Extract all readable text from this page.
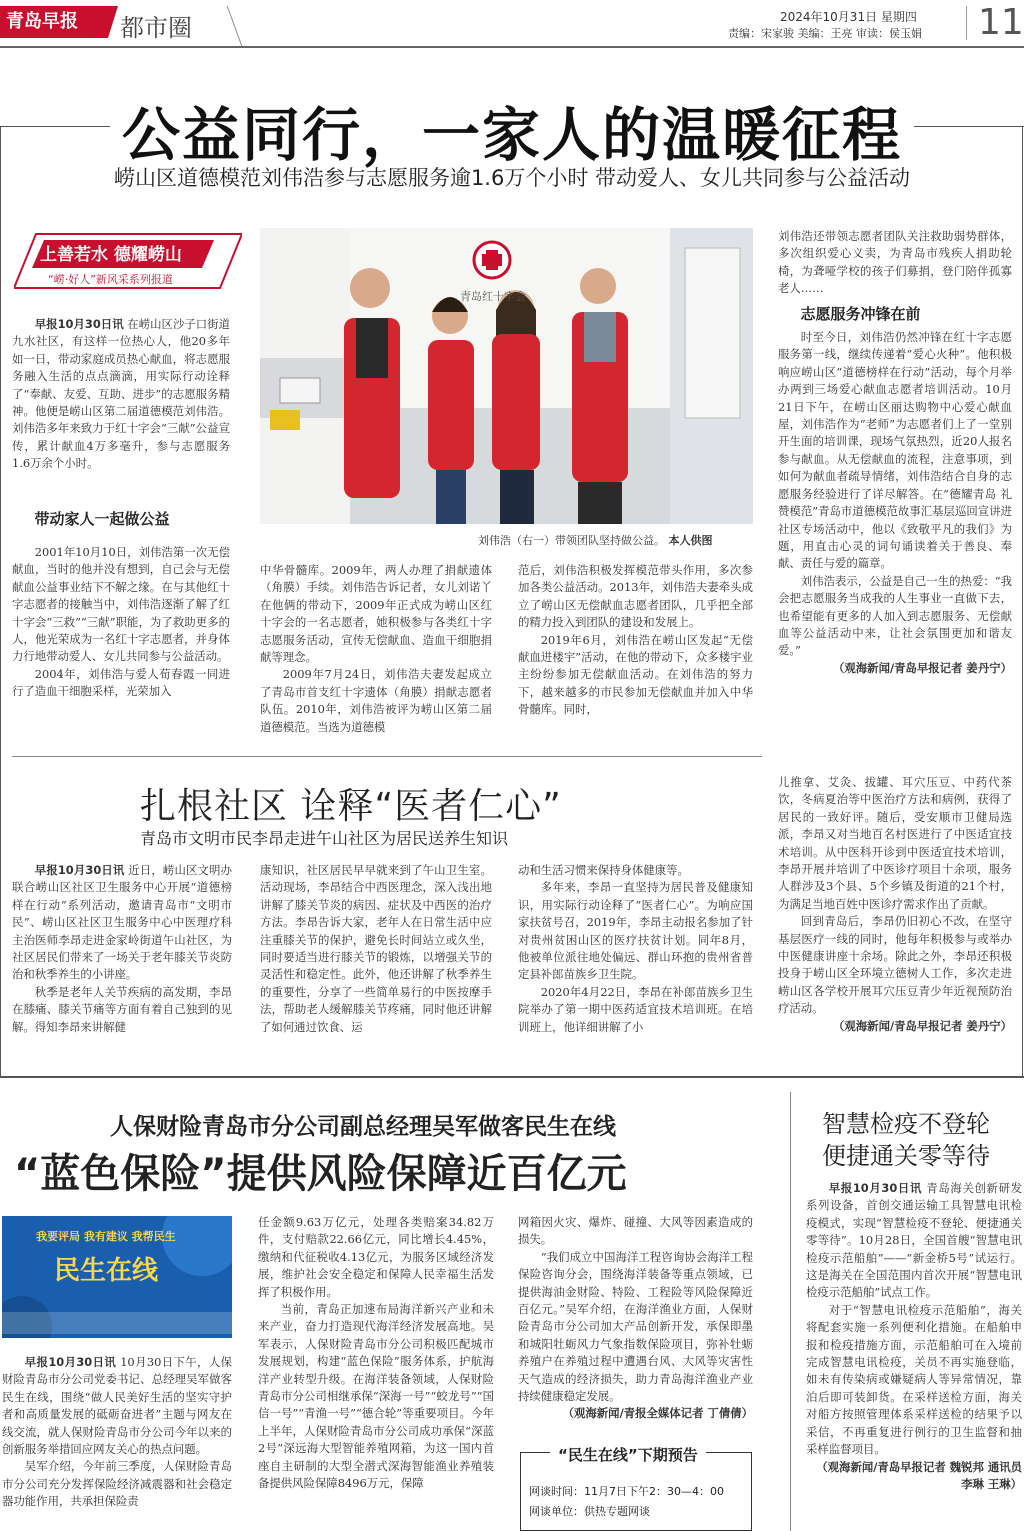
青岛早报	都市圈	2024年10月31日 星期四
责编：宋家骏 美编：王亮 审读：侯玉娟 11
公益同行，一家人的温暖征程
崂山区道德模范刘伟浩参与志愿服务逾1.6万个小时 带动爱人、女儿共同参与公益活动
上善若水 德耀崂山
“崂·好人”新风采系列报道

早报10月30日讯 在崂山区沙子口街道九水社区，有这样一位热心人，他20多年如一日，带动家庭成员热心献血，将志愿服务融入生活的点点滴滴，用实际行动诠释了“奉献、友爱、互助、进步”的志愿服务精神。他便是崂山区第二届道德模范刘伟浩。刘伟浩多年来致力于红十字会“三献”公益宣传，累计献血4万多毫升，参与志愿服务1.6万余个小时。

带动家人一起做公益
青岛红十字会
刘伟浩（右一）带领团队坚持做公益。 本人供图

2001年10月10日，刘伟浩第一次无偿献血，当时的他并没有想到，自己会与无偿献血公益事业结下不解之缘。在与其他红十字志愿者的接触当中，刘伟浩逐渐了解了红十字会“三救”“三献”职能，为了救助更多的人，他光荣成为一名红十字志愿者，并身体力行地带动爱人、女儿共同参与公益活动。

2004年，刘伟浩与爱人荀春霞一同进行了造血干细胞采样，光荣加入

中华骨髓库。2009年，两人办理了捐献遗体（角膜）手续。刘伟浩告诉记者，女儿刘诺丫在他俩的带动下，2009年正式成为崂山区红十字会的一名志愿者，她积极参与各类红十字志愿服务活动，宣传无偿献血、造血干细胞捐献等理念。

2009年7月24日，刘伟浩夫妻发起成立了青岛市首支红十字遗体（角膜）捐献志愿者队伍。2010年，刘伟浩被评为崂山区第二届道德模范。当选为道德模

范后，刘伟浩积极发挥模范带头作用，多次参加各类公益活动。2013年，刘伟浩夫妻牵头成立了崂山区无偿献血志愿者团队，几乎把全部的精力投入到团队的建设和发展上。

2019年6月，刘伟浩在崂山区发起“无偿献血进楼宇”活动，在他的带动下，众多楼宇业主纷纷参加无偿献血活动。在刘伟浩的努力下，越来越多的市民参加无偿献血并加入中华骨髓库。同时，

刘伟浩还带领志愿者团队关注救助弱势群体，多次组织爱心义卖，为青岛市残疾人捐助轮椅，为聋哑学校的孩子们募捐，登门陪伴孤寡老人……

志愿服务冲锋在前

时至今日，刘伟浩仍然冲锋在红十字志愿服务第一线，继续传递着“爱心火种”。他积极响应崂山区“道德榜样在行动”活动，每个月举办两到三场爱心献血志愿者培训活动。10月21日下午，在崂山区丽达购物中心爱心献血屋，刘伟浩作为“老师”为志愿者们上了一堂别开生面的培训课，现场气氛热烈，近20人报名参与献血。从无偿献血的流程，注意事项，到如何为献血者疏导情绪，刘伟浩结合自身的志愿服务经验进行了详尽解答。在“德耀青岛 礼赞模范”青岛市道德模范故事汇基层巡回宣讲进社区专场活动中，他以《致敬平凡的我们》为题，用直击心灵的词句诵读着关于善良、奉献、责任与爱的篇章。

刘伟浩表示，公益是自己一生的热爱：“我会把志愿服务当成我的人生事业一直做下去，也希望能有更多的人加入到志愿服务、无偿献血等公益活动中来，让社会氛围更加和谐友爱。”

（观海新闻/青岛早报记者 姜丹宁）
扎根社区 诠释“医者仁心”
青岛市文明市民李昂走进午山社区为居民送养生知识

早报10月30日讯 近日，崂山区文明办联合崂山区社区卫生服务中心开展“道德榜样在行动”系列活动，邀请青岛市“文明市民”、崂山区社区卫生服务中心中医理疗科主治医师李昂走进金家岭街道午山社区，为社区居民们带来了一场关于老年膝关节炎防治和秋季养生的小讲座。

秋季是老年人关节疾病的高发期，李昂在膝痛、膝关节痛等方面有着自己独到的见解。得知李昂来讲解健

康知识，社区居民早早就来到了午山卫生室。活动现场，李昂结合中西医理念，深入浅出地讲解了膝关节炎的病因、症状及中西医的治疗方法。李昂告诉大家，老年人在日常生活中应注重膝关节的保护，避免长时间站立或久坐，同时要适当进行膝关节的锻炼，以增强关节的灵活性和稳定性。此外，他还讲解了秋季养生的重要性，分享了一些简单易行的中医按摩手法，帮助老人缓解膝关节疼痛，同时他还讲解了如何通过饮食、运

动和生活习惯来保持身体健康等。

多年来，李昂一直坚持为居民普及健康知识，用实际行动诠释了“医者仁心”。为响应国家扶贫号召，2019年，李昂主动报名参加了针对贵州贫困山区的医疗扶贫计划。同年8月，他被单位派往地处偏远、群山环抱的贵州省普定县补郎苗族乡卫生院。

2020年4月22日，李昂在补郎苗族乡卫生院举办了第一期中医药适宜技术培训班。在培训班上，他详细讲解了小

儿推拿、艾灸、拔罐、耳穴压豆、中药代茶饮，冬病夏治等中医治疗方法和病例，获得了居民的一致好评。随后，受安顺市卫健局选派，李昂又对当地百名村医进行了中医适宜技术培训。从中医科开诊到中医适宜技术培训，李昂开展并培训了中医诊疗项目十余项，服务人群涉及3个县、5个乡镇及街道的21个村，为满足当地百姓中医诊疗需求作出了贡献。

回到青岛后，李昂仍旧初心不改，在坚守基层医疗一线的同时，他每年积极参与或举办中医健康讲座十余场。除此之外，李昂还积极投身于崂山区全环境立德树人工作，多次走进崂山区各学校开展耳穴压豆青少年近视预防治疗活动。

（观海新闻/青岛早报记者 姜丹宁）
人保财险青岛市分公司副总经理吴军做客民生在线
“蓝色保险”提供风险保障近百亿元
我要评局 我有建议 我帮民生
民生在线

早报10月30日讯 10月30日下午，人保财险青岛市分公司党委书记、总经理吴军做客民生在线，围绕“做人民美好生活的坚实守护者和高质量发展的砥砺奋进者”主题与网友在线交流，就人保财险青岛市分公司今年以来的创新服务举措回应网友关心的热点问题。

吴军介绍，今年前三季度，人保财险青岛市分公司充分发挥保险经济减震器和社会稳定器功能作用，共承担保险责

任金额9.63万亿元，处理各类赔案34.82万件，支付赔款22.66亿元，同比增长4.45%，缴纳和代征税收4.13亿元，为服务区域经济发展，维护社会安全稳定和保障人民幸福生活发挥了积极作用。

当前，青岛正加速布局海洋新兴产业和未来产业，奋力打造现代海洋经济发展高地。吴军表示，人保财险青岛市分公司积极匹配城市发展规划，构建“蓝色保险”服务体系，护航海洋产业转型升级。在海洋装备领域，人保财险青岛市分公司相继承保“深海一号”“蛟龙号”“国信一号”“青渔一号”“德合轮”等重要项目。今年上半年，人保财险青岛市分公司成功承保“深蓝2号”深远海大型智能养殖网箱，为这一国内首座自主研制的大型全潜式深海智能渔业养殖装备提供风险保障8496万元，保障

网箱因火灾、爆炸、碰撞、大风等因素造成的损失。

“我们成立中国海洋工程咨询协会海洋工程保险咨询分会，围绕海洋装备等重点领域，已提供海油金财险、特险、工程险等风险保障近百亿元。”吴军介绍，在海洋渔业方面，人保财险青岛市分公司加大产品创新开发，承保即墨和城阳牡蛎风力气象指数保险项目，弥补牡蛎养殖户在养殖过程中遭遇台风、大风等灾害性天气造成的经济损失，助力青岛海洋渔业产业持续健康稳定发展。

（观海新闻/青报全媒体记者 丁倩倩）
网谈时间：11月7日下午2：30—4：00
网谈单位：供热专题网谈
“民生在线”下期预告
智慧检疫不登轮
便捷通关零等待

早报10月30日讯 青岛海关创新研发系列设备，首创交通运输工具智慧电讯检疫模式，实现“智慧检疫不登轮、便捷通关零等待”。10月28日，全国首艘“智慧电讯检疫示范船舶”——“新金桥5号”试运行。这是海关在全国范围内首次开展“智慧电讯检疫示范船舶”试点工作。

对于“智慧电讯检疫示范船舶”，海关将配套实施一系列便利化措施。在船舶申报和检疫措施方面，示范船舶可在入境前完成智慧电讯检疫，关员不再实施登临，如未有传染病或嫌疑病人等异常情况，靠泊后即可装卸货。在采样送检方面，海关对船方按照管理体系采样送检的结果予以采信，不再重复进行例行的卫生监督和抽采样监督项目。

（观海新闻/青岛早报记者 魏锐邦 通讯员 李琳 王琳）
